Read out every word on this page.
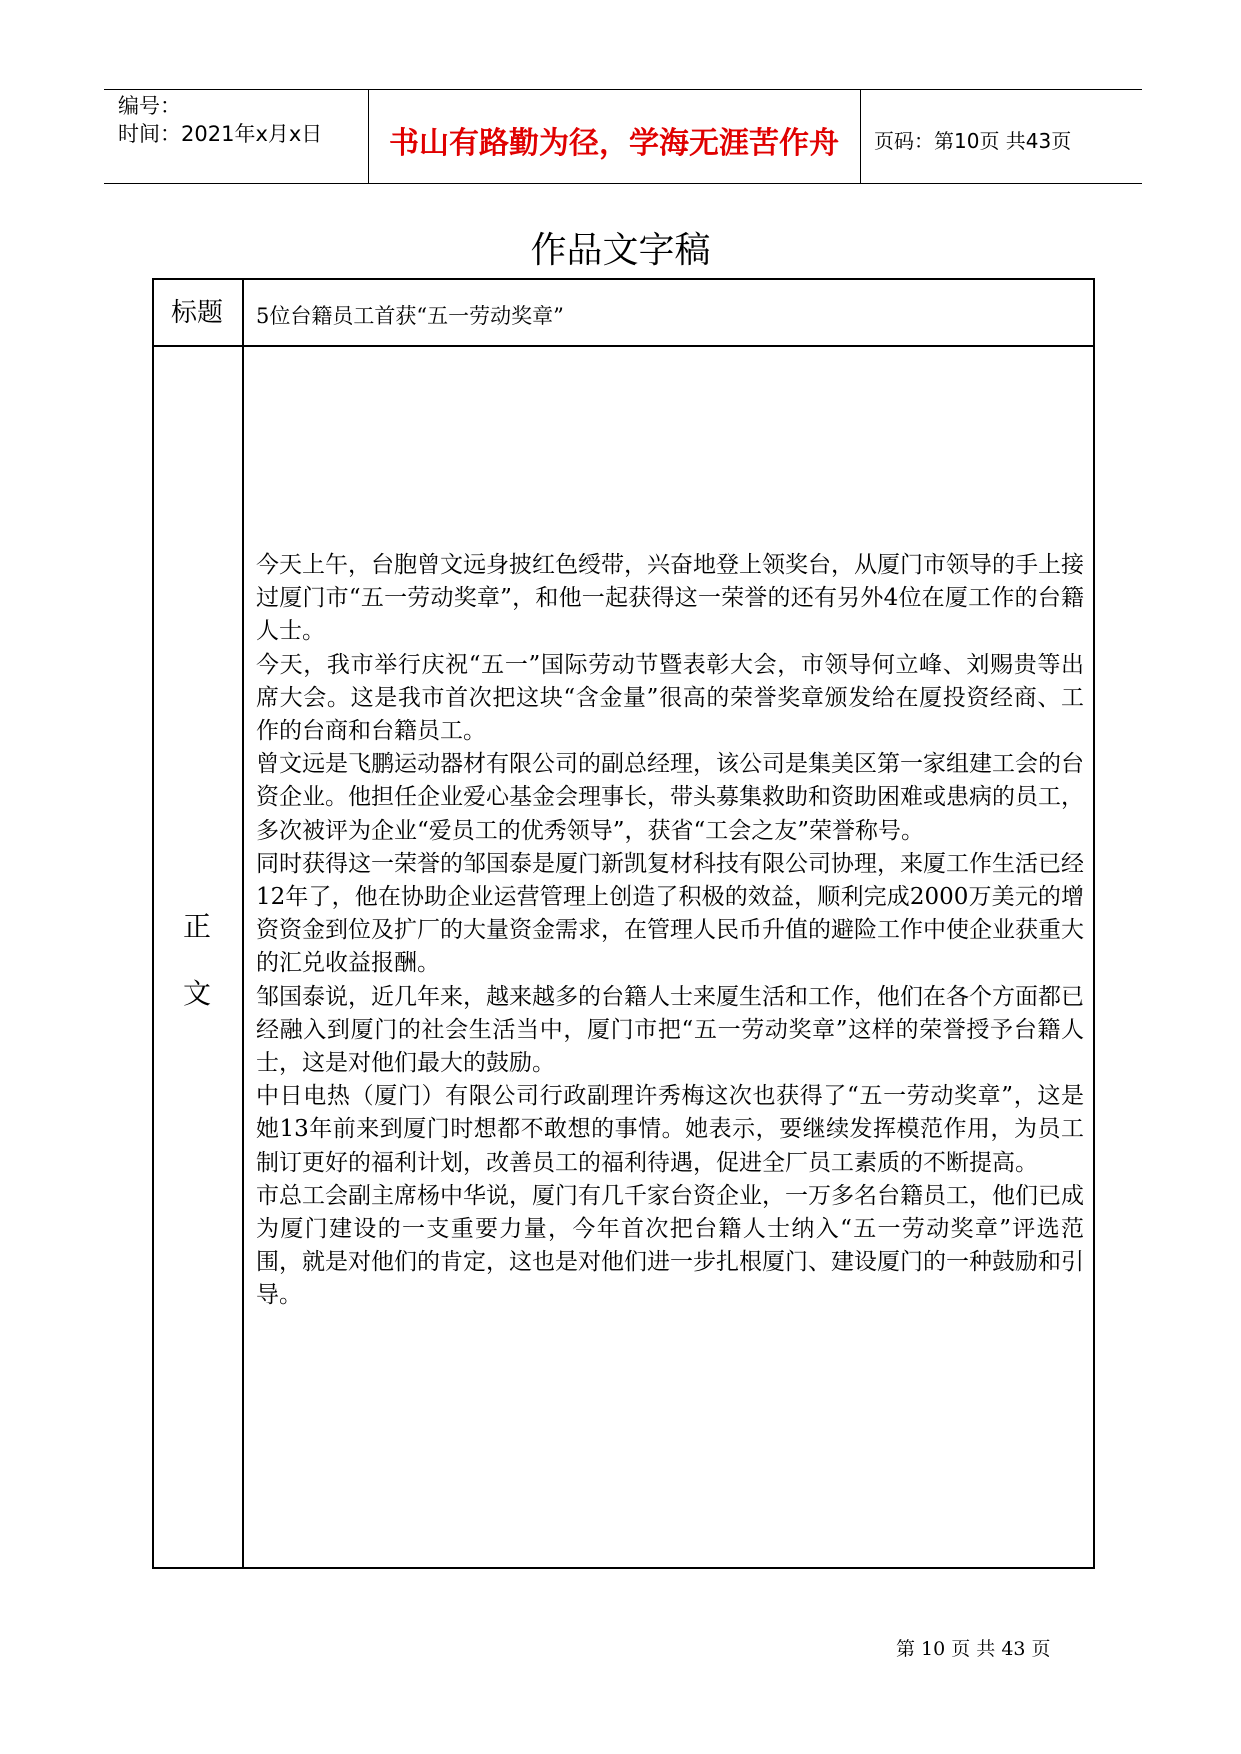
编号：
时间：2021年x月x日	书山有路勤为径，学海无涯苦作舟	页码：第10页 共43页
作品文字稿
标题	5位台籍员工首获“五一劳动奖章”
正
文

今天上午，台胞曾文远身披红色绶带，兴奋地登上领奖台，从厦门市领导的手上接过厦门市“五一劳动奖章”，和他一起获得这一荣誉的还有另外4位在厦工作的台籍人士。

今天，我市举行庆祝“五一”国际劳动节暨表彰大会，市领导何立峰、刘赐贵等出席大会。这是我市首次把这块“含金量”很高的荣誉奖章颁发给在厦投资经商、工作的台商和台籍员工。

曾文远是飞鹏运动器材有限公司的副总经理，该公司是集美区第一家组建工会的台资企业。他担任企业爱心基金会理事长，带头募集救助和资助困难或患病的员工，多次被评为企业“爱员工的优秀领导”，获省“工会之友”荣誉称号。

同时获得这一荣誉的邹国泰是厦门新凯复材科技有限公司协理，来厦工作生活已经12年了，他在协助企业运营管理上创造了积极的效益，顺利完成2000万美元的增资资金到位及扩厂的大量资金需求，在管理人民币升值的避险工作中使企业获重大的汇兑收益报酬。

邹国泰说，近几年来，越来越多的台籍人士来厦生活和工作，他们在各个方面都已经融入到厦门的社会生活当中，厦门市把“五一劳动奖章”这样的荣誉授予台籍人士，这是对他们最大的鼓励。

中日电热（厦门）有限公司行政副理许秀梅这次也获得了“五一劳动奖章”，这是她13年前来到厦门时想都不敢想的事情。她表示，要继续发挥模范作用，为员工制订更好的福利计划，改善员工的福利待遇，促进全厂员工素质的不断提高。

市总工会副主席杨中华说，厦门有几千家台资企业，一万多名台籍员工，他们已成为厦门建设的一支重要力量，今年首次把台籍人士纳入“五一劳动奖章”评选范围，就是对他们的肯定，这也是对他们进一步扎根厦门、建设厦门的一种鼓励和引导。

第 10 页 共 43 页
